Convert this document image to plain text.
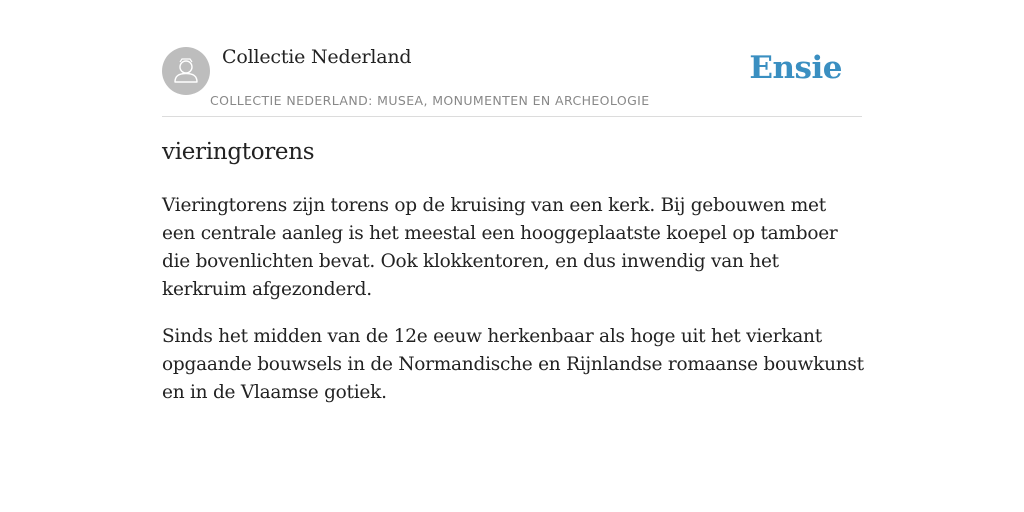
Collectie Nederland
COLLECTIE NEDERLAND: MUSEA, MONUMENTEN EN ARCHEOLOGIE
Ensie
vieringtorens

Vieringtorens zijn torens op de kruising van een kerk. Bij gebouwen met een centrale aanleg is het meestal een hooggeplaatste koepel op tamboer die bovenlichten bevat. Ook klokkentoren, en dus inwendig van het kerkruim afgezonderd.

Sinds het midden van de 12e eeuw herkenbaar als hoge uit het vierkant opgaande bouwsels in de Normandische en Rijnlandse romaanse bouwkunst en in de Vlaamse gotiek.
